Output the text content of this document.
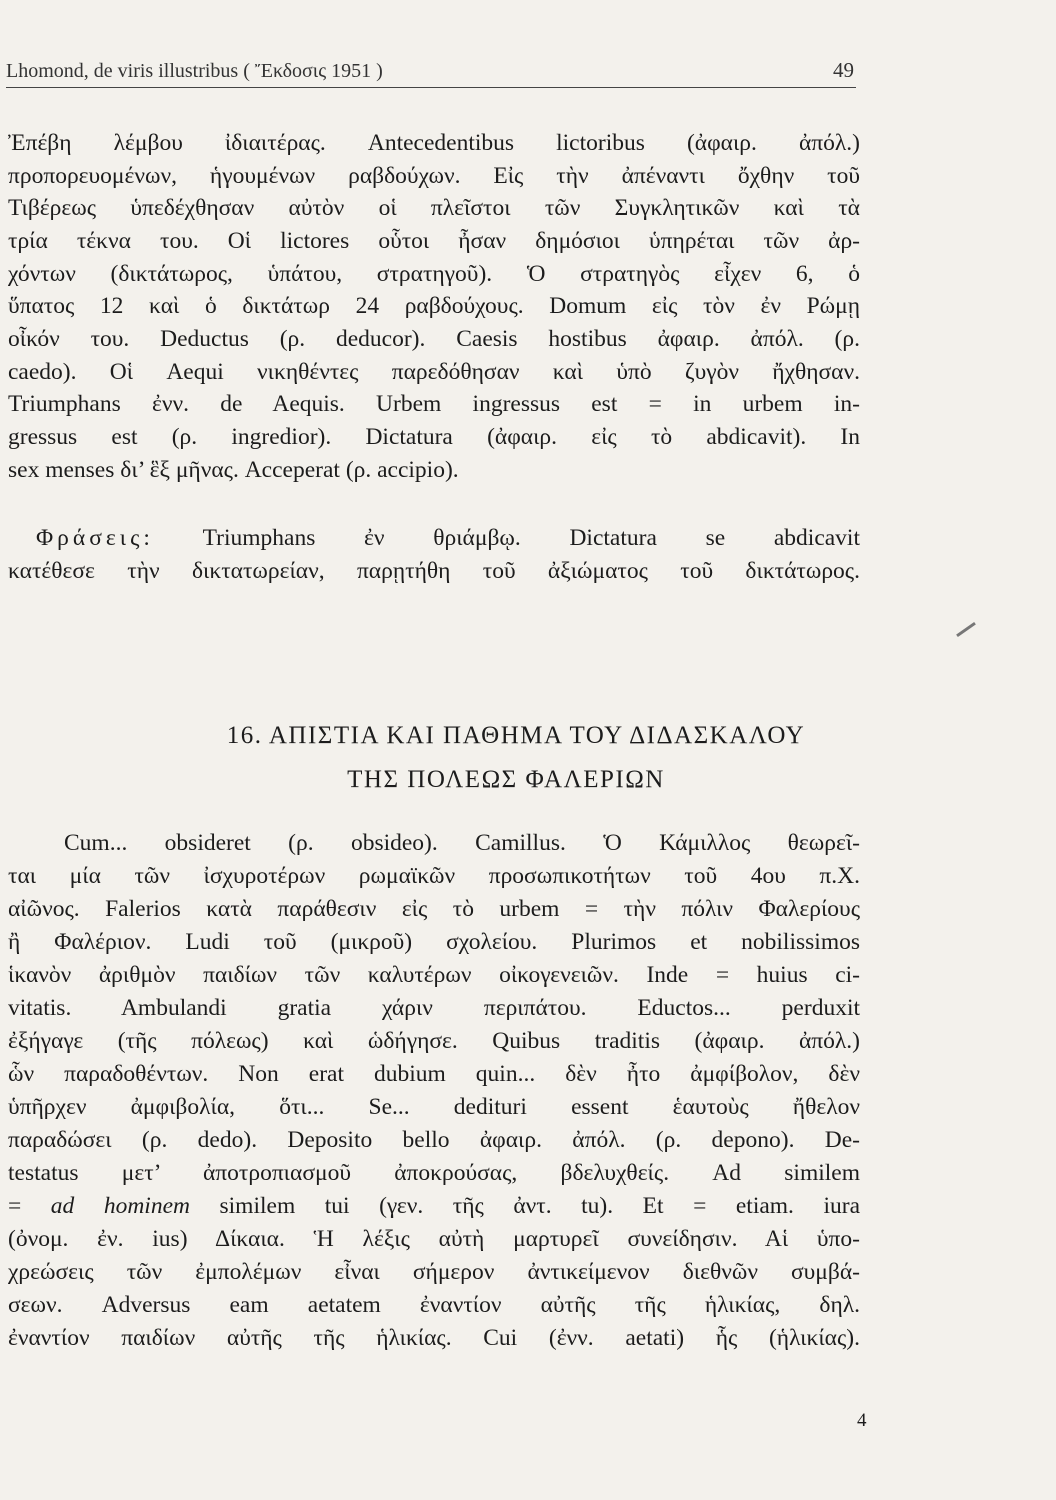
Lhomond, de viris illustribus ( Ἔκδοσις 1951 )	49
Ἐπέβη λέμβου ἰδιαιτέρας. Antecedentibus lictoribus (ἀφαιρ. ἀπόλ.)
προπορευομένων, ἡγουμένων ραβδούχων. Εἰς τὴν ἀπέναντι ὄχθην τοῦ
Τιβέρεως ὑπεδέχθησαν αὐτὸν οἱ πλεῖστοι τῶν Συγκλητικῶν καὶ τὰ
τρία τέκνα του. Οἱ lictores οὗτοι ἦσαν δημόσιοι ὑπηρέται τῶν ἀρ-
χόντων (δικτάτωρος, ὑπάτου, στρατηγοῦ). Ὁ στρατηγὸς εἶχεν 6, ὁ
ὕπατος 12 καὶ ὁ δικτάτωρ 24 ραβδούχους. Domum εἰς τὸν ἐν Ρώμῃ
οἶκόν του. Deductus (ρ. deducor). Caesis hostibus ἀφαιρ. ἀπόλ. (ρ.
caedo). Οἱ Aequi νικηθέντες παρεδόθησαν καὶ ὑπὸ ζυγὸν ἤχθησαν.
Triumphans ἐνν. de Aequis. Urbem ingressus est = in urbem in-
gressus est (ρ. ingredior). Dictatura (ἀφαιρ. εἰς τὸ abdicavit). In
sex menses δι’ ἓξ μῆνας. Acceperat (ρ. accipio).
Φράσεις: Triumphans ἐν θριάμβῳ. Dictatura se abdicavit
κατέθεσε τὴν δικτατωρείαν, παρῃτήθη τοῦ ἀξιώματος τοῦ δικτάτωρος.
16. ΑΠΙΣΤΙΑ ΚΑΙ ΠΑΘΗΜΑ ΤΟΥ ΔΙΔΑΣΚΑΛΟΥ
ΤΗΣ ΠΟΛΕΩΣ ΦΑΛΕΡΙΩΝ
Cum... obsideret (ρ. obsideo). Camillus. Ὁ Κάμιλλος θεωρεῖ-
ται μία τῶν ἰσχυροτέρων ρωμαϊκῶν προσωπικοτήτων τοῦ 4ου π.Χ.
αἰῶνος. Falerios κατὰ παράθεσιν εἰς τὸ urbem = τὴν πόλιν Φαλερίους
ἢ Φαλέριον. Ludi τοῦ (μικροῦ) σχολείου. Plurimos et nobilissimos
ἱκανὸν ἀριθμὸν παιδίων τῶν καλυτέρων οἰκογενειῶν. Inde = huius ci-
vitatis. Ambulandi gratia χάριν περιπάτου. Eductos... perduxit
ἐξήγαγε (τῆς πόλεως) καὶ ὡδήγησε. Quibus traditis (ἀφαιρ. ἀπόλ.)
ὧν παραδοθέντων. Non erat dubium quin... δὲν ἦτο ἀμφίβολον, δὲν
ὑπῆρχεν ἀμφιβολία, ὅτι... Se... dedituri essent ἑαυτοὺς ἤθελον
παραδώσει (ρ. dedo). Deposito bello ἀφαιρ. ἀπόλ. (ρ. depono). De-
testatus μετ’ ἀποτροπιασμοῦ ἀποκρούσας, βδελυχθείς. Ad similem
= ad hominem similem tui (γεν. τῆς ἀντ. tu). Et = etiam. iura
(ὀνομ. ἐν. ius) Δίκαια. Ἡ λέξις αὐτὴ μαρτυρεῖ συνείδησιν. Αἱ ὑπο-
χρεώσεις τῶν ἐμπολέμων εἶναι σήμερον ἀντικείμενον διεθνῶν συμβά-
σεων. Adversus eam aetatem ἐναντίον αὐτῆς τῆς ἡλικίας, δηλ.
ἐναντίον παιδίων αὐτῆς τῆς ἡλικίας. Cui (ἐνν. aetati) ἧς (ἡλικίας).
4
